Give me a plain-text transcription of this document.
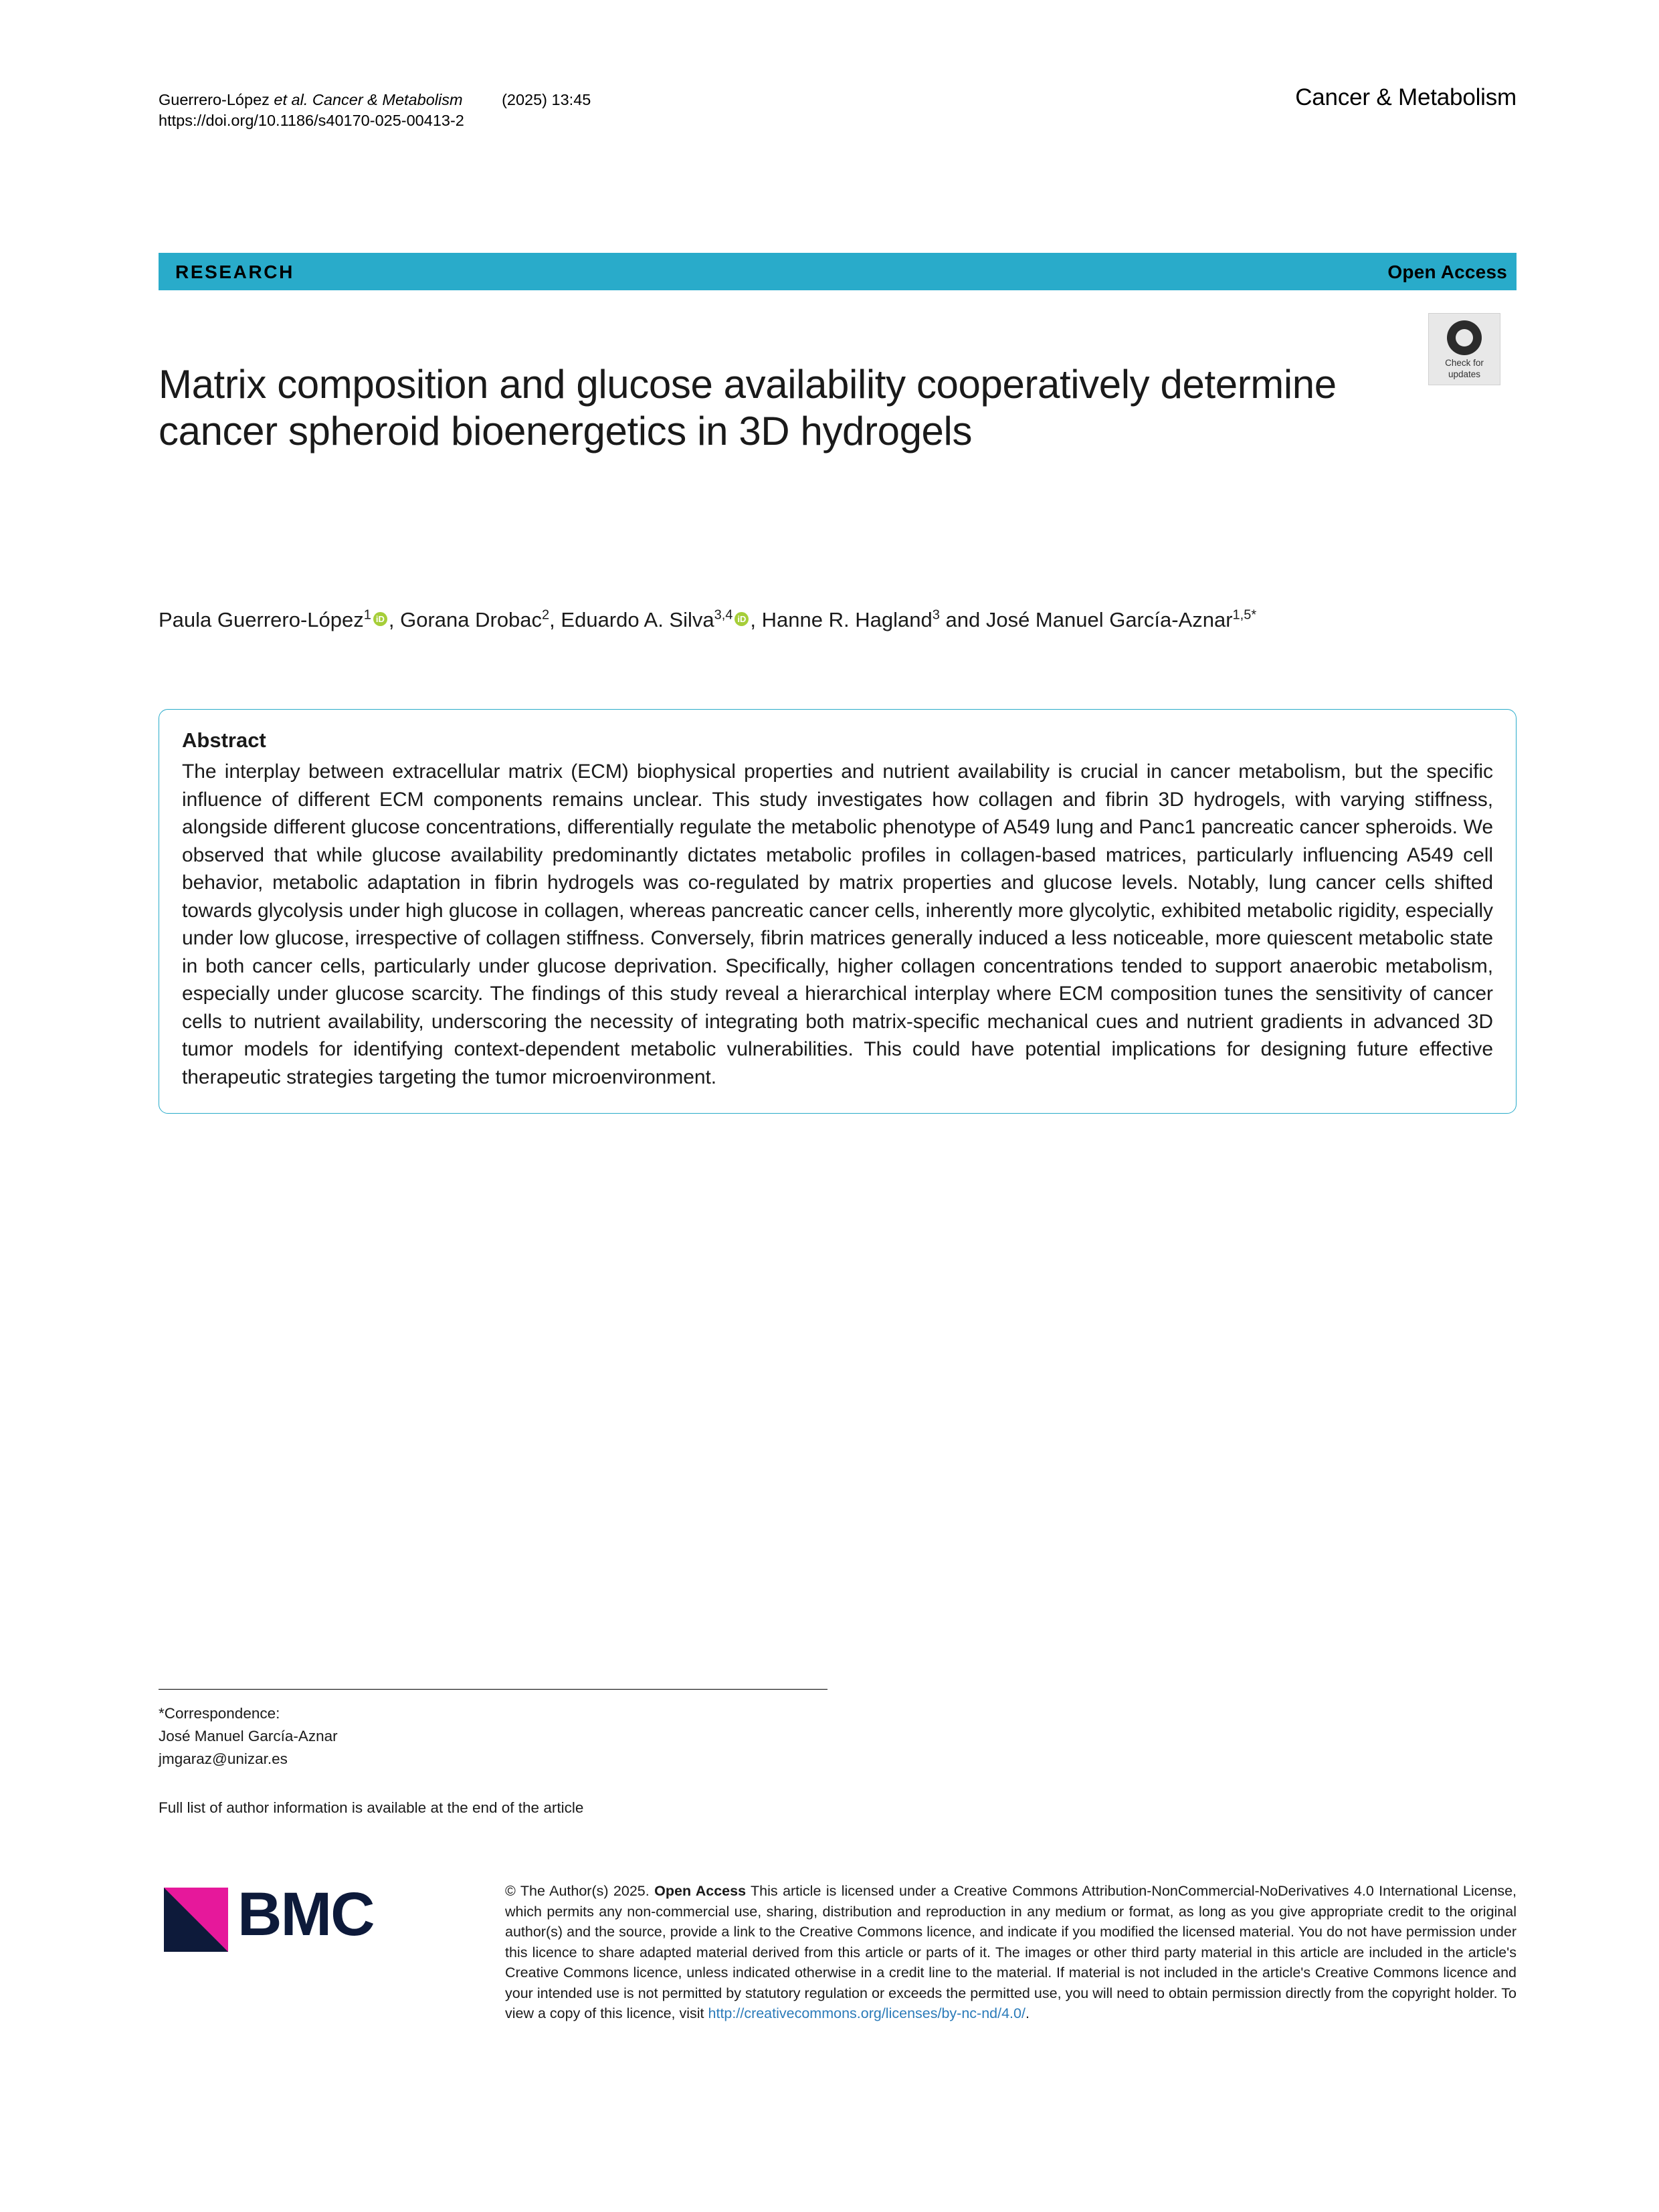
Guerrero-López et al. Cancer & Metabolism (2025) 13:45
https://doi.org/10.1186/s40170-025-00413-2
Cancer & Metabolism
RESEARCH	Open Access
Check for
updates
Matrix composition and glucose availability cooperatively determine cancer spheroid bioenergetics in 3D hydrogels
Paula Guerrero-López$^1$ iD , Gorana Drobac$^2$, Eduardo A. Silva$^{3,4}$ iD , Hanne R. Hagland$^3$ and José Manuel García-Aznar$^{1,5*}$
Abstract
The interplay between extracellular matrix (ECM) biophysical properties and nutrient availability is crucial in cancer metabolism, but the specific influence of different ECM components remains unclear. This study investigates how collagen and fibrin 3D hydrogels, with varying stiffness, alongside different glucose concentrations, differentially regulate the metabolic phenotype of A549 lung and Panc1 pancreatic cancer spheroids. We observed that while glucose availability predominantly dictates metabolic profiles in collagen-based matrices, particularly influencing A549 cell behavior, metabolic adaptation in fibrin hydrogels was co-regulated by matrix properties and glucose levels. Notably, lung cancer cells shifted towards glycolysis under high glucose in collagen, whereas pancreatic cancer cells, inherently more glycolytic, exhibited metabolic rigidity, especially under low glucose, irrespective of collagen stiffness. Conversely, fibrin matrices generally induced a less noticeable, more quiescent metabolic state in both cancer cells, particularly under glucose deprivation. Specifically, higher collagen concentrations tended to support anaerobic metabolism, especially under glucose scarcity. The findings of this study reveal a hierarchical interplay where ECM composition tunes the sensitivity of cancer cells to nutrient availability, underscoring the necessity of integrating both matrix-specific mechanical cues and nutrient gradients in advanced 3D tumor models for identifying context-dependent metabolic vulnerabilities. This could have potential implications for designing future effective therapeutic strategies targeting the tumor microenvironment.
*Correspondence:
José Manuel García-Aznar
jmgaraz@unizar.es
Full list of author information is available at the end of the article
BMC	© The Author(s) 2025. Open Access This article is licensed under a Creative Commons Attribution-NonCommercial-NoDerivatives 4.0 International License, which permits any non-commercial use, sharing, distribution and reproduction in any medium or format, as long as you give appropriate credit to the original author(s) and the source, provide a link to the Creative Commons licence, and indicate if you modified the licensed material. You do not have permission under this licence to share adapted material derived from this article or parts of it. The images or other third party material in this article are included in the article's Creative Commons licence, unless indicated otherwise in a credit line to the material. If material is not included in the article's Creative Commons licence and your intended use is not permitted by statutory regulation or exceeds the permitted use, you will need to obtain permission directly from the copyright holder. To view a copy of this licence, visit http://creativecommons.org/licenses/by-nc-nd/4.0/.
